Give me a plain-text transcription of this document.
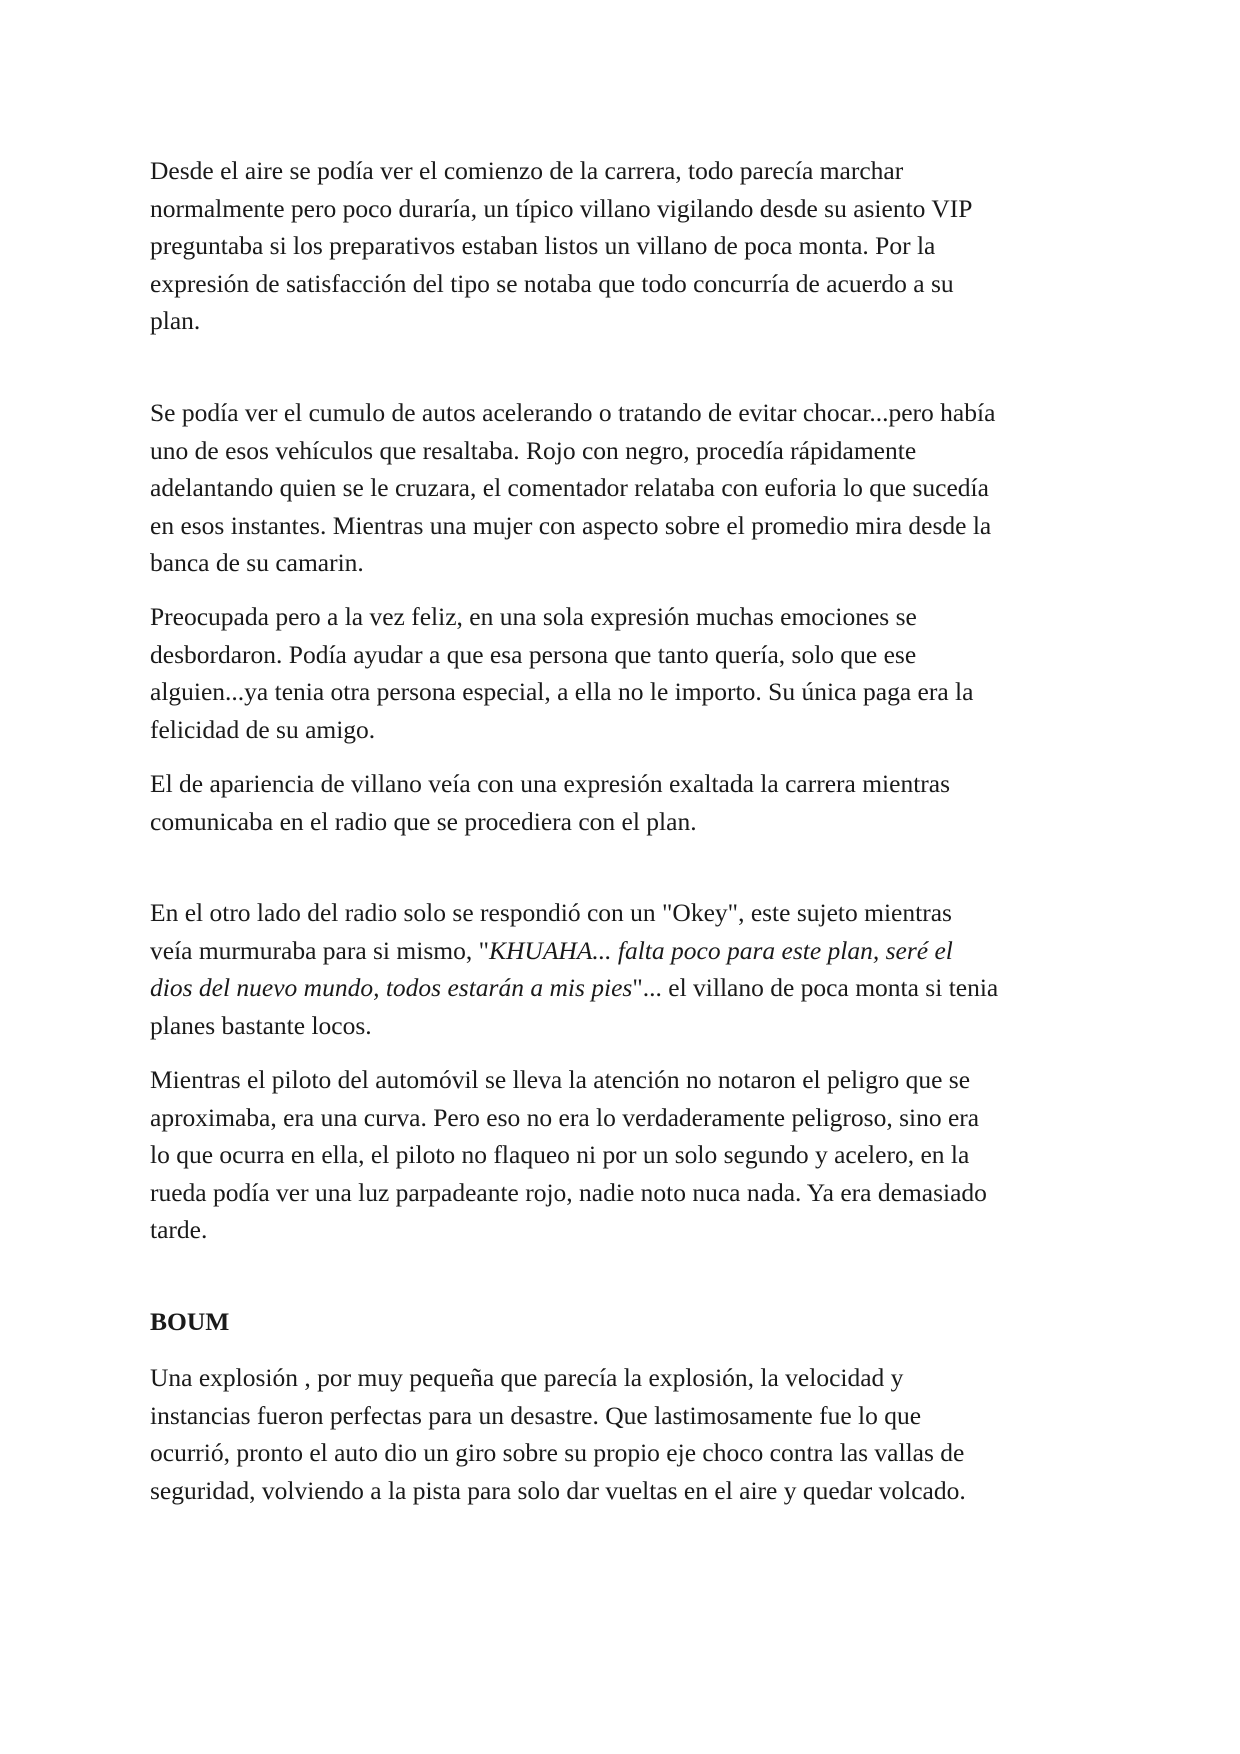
Desde el aire se podía ver el comienzo de la carrera, todo parecía marchar
normalmente pero poco duraría, un típico villano vigilando desde su asiento VIP
preguntaba si los preparativos estaban listos un villano de poca monta. Por la
expresión de satisfacción del tipo se notaba que todo concurría de acuerdo a su
plan.

Se podía ver el cumulo de autos acelerando o tratando de evitar chocar...pero había
uno de esos vehículos que resaltaba. Rojo con negro, procedía rápidamente
adelantando quien se le cruzara, el comentador relataba con euforia lo que sucedía
en esos instantes. Mientras una mujer con aspecto sobre el promedio mira desde la
banca de su camarin.

Preocupada pero a la vez feliz, en una sola expresión muchas emociones se
desbordaron. Podía ayudar a que esa persona que tanto quería, solo que ese
alguien...ya tenia otra persona especial, a ella no le importo. Su única paga era la
felicidad de su amigo.

El de apariencia de villano veía con una expresión exaltada la carrera mientras
comunicaba en el radio que se procediera con el plan.

En el otro lado del radio solo se respondió con un "Okey", este sujeto mientras
veía murmuraba para si mismo, "KHUAHA... falta poco para este plan, seré el
dios del nuevo mundo, todos estarán a mis pies"... el villano de poca monta si tenia
planes bastante locos.

Mientras el piloto del automóvil se lleva la atención no notaron el peligro que se
aproximaba, era una curva. Pero eso no era lo verdaderamente peligroso, sino era
lo que ocurra en ella, el piloto no flaqueo ni por un solo segundo y acelero, en la
rueda podía ver una luz parpadeante rojo, nadie noto nuca nada. Ya era demasiado
tarde.

BOUM

Una explosión , por muy pequeña que parecía la explosión, la velocidad y
instancias fueron perfectas para un desastre. Que lastimosamente fue lo que
ocurrió, pronto el auto dio un giro sobre su propio eje choco contra las vallas de
seguridad, volviendo a la pista para solo dar vueltas en el aire y quedar volcado.
